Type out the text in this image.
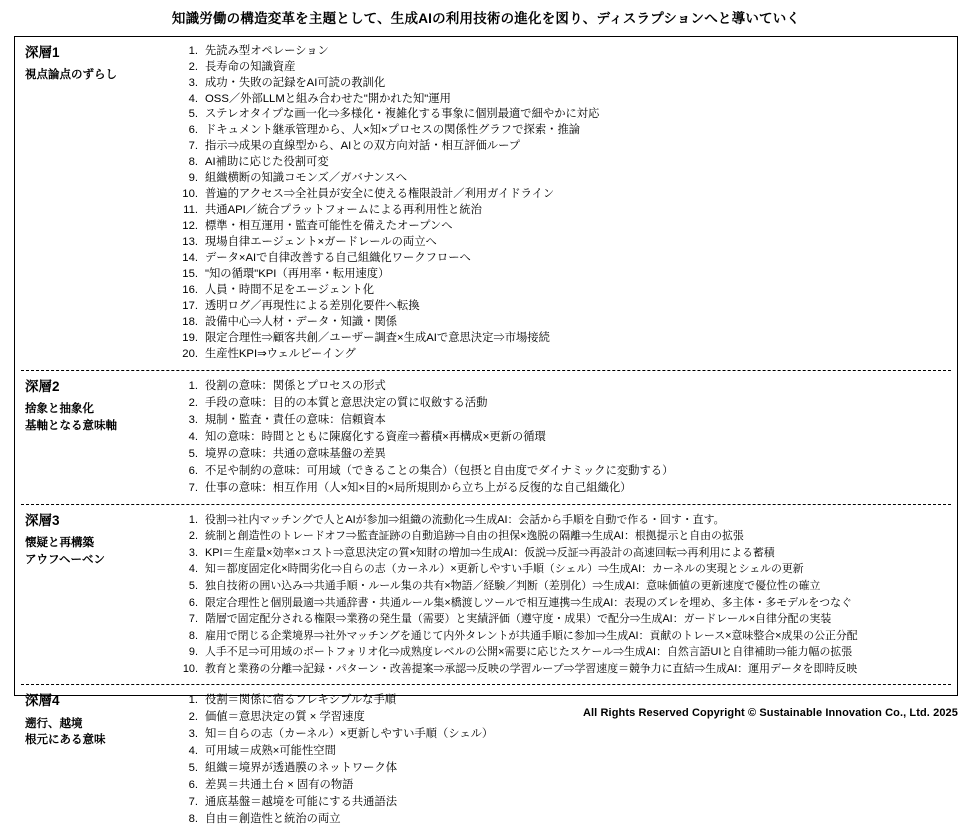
知識労働の構造変革を主題として、生成AIの利用技術の進化を図り、ディスラプションへと導いていく
深層1
視点論点のずらし
1. 先読み型オペレーション
2. 長寿命の知識資産
3. 成功・失敗の記録をAI可読の教訓化
4. OSS／外部LLMと組み合わせた"開かれた知"運用
5. ステレオタイプな画一化⇒多様化・複雑化する事象に個別最適で細やかに対応
6. ドキュメント継承管理から、人×知×プロセスの関係性グラフで探索・推論
7. 指示⇒成果の直線型から、AIとの双方向対話・相互評価ループ
8. AI補助に応じた役割可変
9. 組織横断の知識コモンズ／ガバナンスへ
10. 普遍的アクセス⇒全社員が安全に使える権限設計／利用ガイドライン
11. 共通API／統合プラットフォームによる再利用性と統治
12. 標準・相互運用・監査可能性を備えたオープンへ
13. 現場自律エージェント×ガードレールの両立へ
14. データ×AIで自律改善する自己組織化ワークフローへ
15. "知の循環"KPI（再用率・転用速度）
16. 人員・時間不足をエージェント化
17. 透明ログ／再現性による差別化要件へ転換
18. 設備中心⇒人材・データ・知識・関係
19. 限定合理性⇒顧客共創／ユーザー調査×生成AIで意思決定⇒市場接続
20. 生産性KPI⇒ウェルビーイング
深層2
捨象と抽象化
基軸となる意味軸
1. 役割の意味：関係とプロセスの形式
2. 手段の意味：目的の本質と意思決定の質に収斂する活動
3. 規制・監査・責任の意味：信頼資本
4. 知の意味：時間とともに陳腐化する資産⇒蓄積×再構成×更新の循環
5. 境界の意味：共通の意味基盤の差異
6. 不足や制約の意味：可用域（できることの集合）（包摂と自由度でダイナミックに変動する）
7. 仕事の意味：相互作用（人×知×目的×局所規則から立ち上がる反復的な自己組織化）
深層3
懐疑と再構築
アウフヘーベン
1. 役割⇒社内マッチングで人とAIが参加⇒組織の流動化⇒生成AI：会話から手順を自動で作る・回す・直す。
2. 統制と創造性のトレードオフ⇒監査証跡の自動追跡⇒自由の担保×逸脱の隔離⇒生成AI：根拠提示と自由の拡張
3. KPI＝生産量×効率×コスト⇒意思決定の質×知財の増加⇒生成AI：仮説⇒反証⇒再設計の高速回転⇒再利用による蓄積
4. 知＝都度固定化×時間劣化⇒自らの志（カーネル）×更新しやすい手順（シェル）⇒生成AI：カーネルの実現とシェルの更新
5. 独自技術の囲い込み⇒共通手順・ルール集の共有×物語／経験／判断（差別化）⇒生成AI：意味価値の更新速度で優位性の確立
6. 限定合理性と個別最適⇒共通辞書・共通ルール集×橋渡しツールで相互連携⇒生成AI：表現のズレを埋め、多主体・多モデルをつなぐ
7. 階層で固定配分される権限⇒業務の発生量（需要）と実績評価（遵守度・成果）で配分⇒生成AI：ガードレール×自律分配の実装
8. 雇用で閉じる企業境界⇒社外マッチングを通じて内外タレントが共通手順に参加⇒生成AI：貢献のトレース×意味整合×成果の公正分配
9. 人手不足⇒可用域のポートフォリオ化⇒成熟度レベルの公開×需要に応じたスケール⇒生成AI：自然言語UIと自律補助⇒能力幅の拡張
10. 教育と業務の分離⇒記録・パターン・改善提案⇒承認⇒反映の学習ループ⇒学習速度＝競争力に直結⇒生成AI：運用データを即時反映
深層4
遡行、越境
根元にある意味
1. 役割＝関係に宿るフレキシブルな手順
2. 価値＝意思決定の質 × 学習速度
3. 知＝自らの志（カーネル）×更新しやすい手順（シェル）
4. 可用域＝成熟×可能性空間
5. 組織＝境界が透過膜のネットワーク体
6. 差異＝共通土台 × 固有の物語
7. 通底基盤＝越境を可能にする共通語法
8. 自由＝創造性と統治の両立
All Rights Reserved Copyright © Sustainable Innovation Co., Ltd. 2025
